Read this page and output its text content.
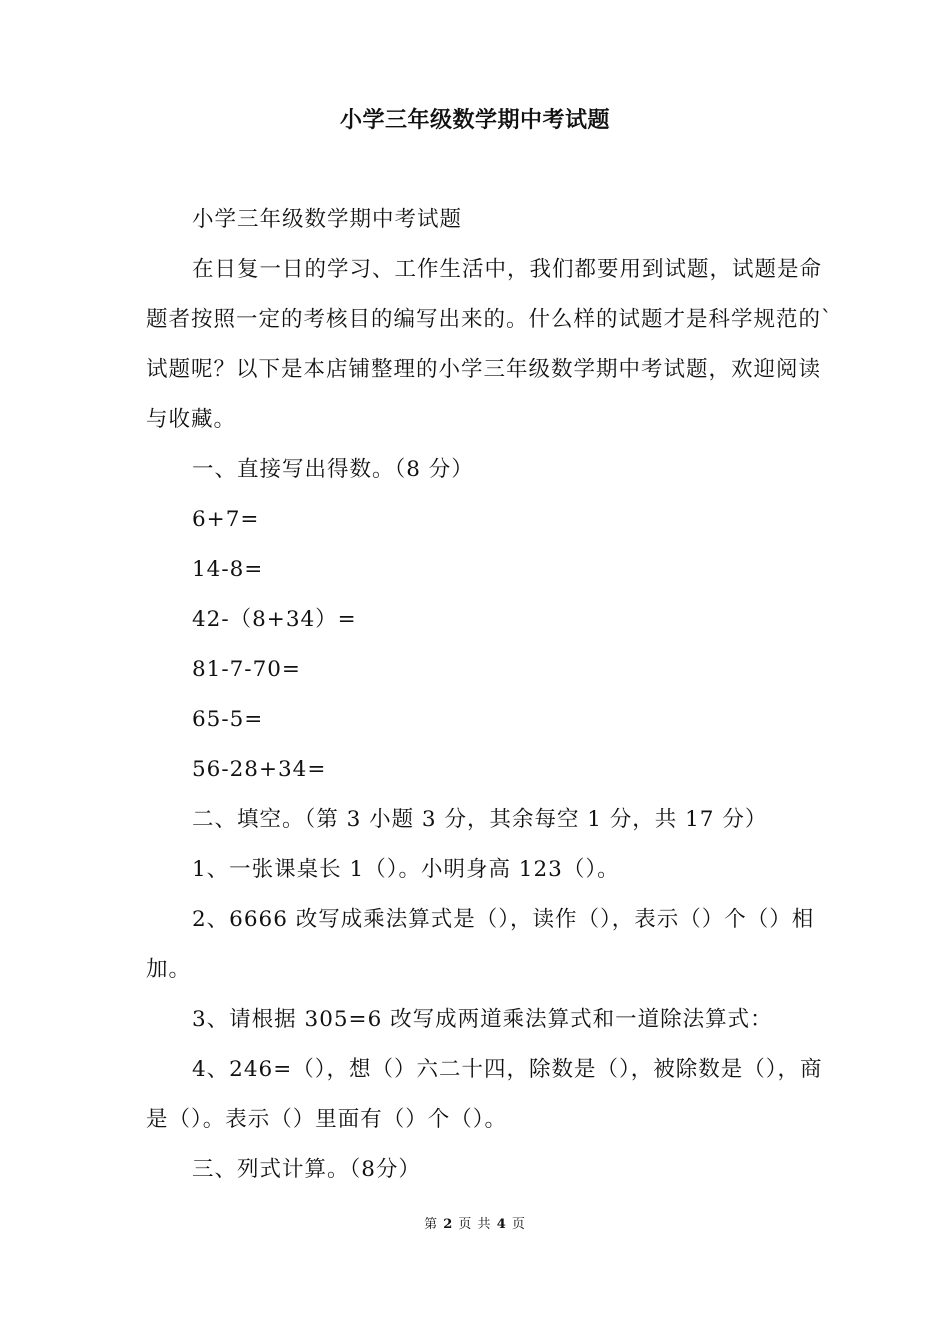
小学三年级数学期中考试题

小学三年级数学期中考试题

在日复一日的学习、工作生活中，我们都要用到试题，试题是命题者按照一定的考核目的编写出来的。什么样的试题才是科学规范的`试题呢？以下是本店铺整理的小学三年级数学期中考试题，欢迎阅读与收藏。

一、直接写出得数。（8 分）

6+7=

14-8=

42-（8+34）=

81-7-70=

65-5=

56-28+34=

二、填空。（第 3 小题 3 分，其余每空 1 分，共 17 分）

1、一张课桌长 1（）。小明身高 123（）。

2、6666 改写成乘法算式是（），读作（），表示（）个（）相加。

3、请根据 305=6 改写成两道乘法算式和一道除法算式：

4、246=（），想（）六二十四，除数是（），被除数是（），商是（）。表示（）里面有（）个（）。

三、列式计算。（8分）

第 2 页 共 4 页
